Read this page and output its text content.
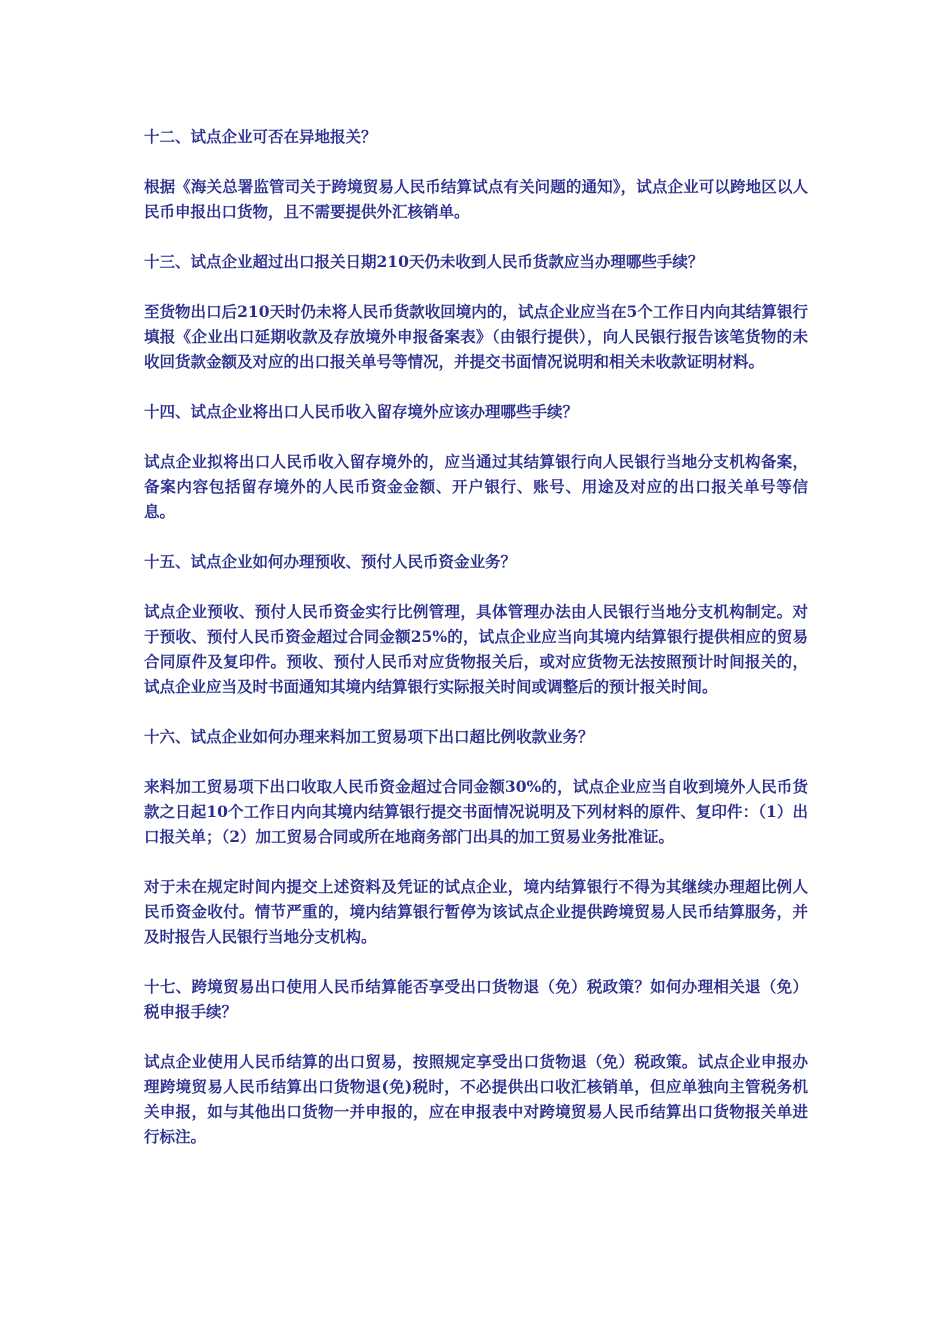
十二、试点企业可否在异地报关？

根据《海关总署监管司关于跨境贸易人民币结算试点有关问题的通知》，试点企业可以跨地区以人民币申报出口货物，且不需要提供外汇核销单。

十三、试点企业超过出口报关日期210天仍未收到人民币货款应当办理哪些手续？

至货物出口后210天时仍未将人民币货款收回境内的，试点企业应当在5个工作日内向其结算银行填报《企业出口延期收款及存放境外申报备案表》（由银行提供），向人民银行报告该笔货物的未收回货款金额及对应的出口报关单号等情况，并提交书面情况说明和相关未收款证明材料。

十四、试点企业将出口人民币收入留存境外应该办理哪些手续？

试点企业拟将出口人民币收入留存境外的，应当通过其结算银行向人民银行当地分支机构备案，备案内容包括留存境外的人民币资金金额、开户银行、账号、用途及对应的出口报关单号等信息。

十五、试点企业如何办理预收、预付人民币资金业务？

试点企业预收、预付人民币资金实行比例管理，具体管理办法由人民银行当地分支机构制定。对于预收、预付人民币资金超过合同金额25%的，试点企业应当向其境内结算银行提供相应的贸易合同原件及复印件。预收、预付人民币对应货物报关后，或对应货物无法按照预计时间报关的，试点企业应当及时书面通知其境内结算银行实际报关时间或调整后的预计报关时间。

十六、试点企业如何办理来料加工贸易项下出口超比例收款业务？

来料加工贸易项下出口收取人民币资金超过合同金额30%的，试点企业应当自收到境外人民币货款之日起10个工作日内向其境内结算银行提交书面情况说明及下列材料的原件、复印件：（1）出口报关单；（2）加工贸易合同或所在地商务部门出具的加工贸易业务批准证。

对于未在规定时间内提交上述资料及凭证的试点企业，境内结算银行不得为其继续办理超比例人民币资金收付。情节严重的，境内结算银行暂停为该试点企业提供跨境贸易人民币结算服务，并及时报告人民银行当地分支机构。

十七、跨境贸易出口使用人民币结算能否享受出口货物退（免）税政策？如何办理相关退（免）税申报手续？

试点企业使用人民币结算的出口贸易，按照规定享受出口货物退（免）税政策。试点企业申报办理跨境贸易人民币结算出口货物退(免)税时，不必提供出口收汇核销单，但应单独向主管税务机关申报，如与其他出口货物一并申报的，应在申报表中对跨境贸易人民币结算出口货物报关单进行标注。
